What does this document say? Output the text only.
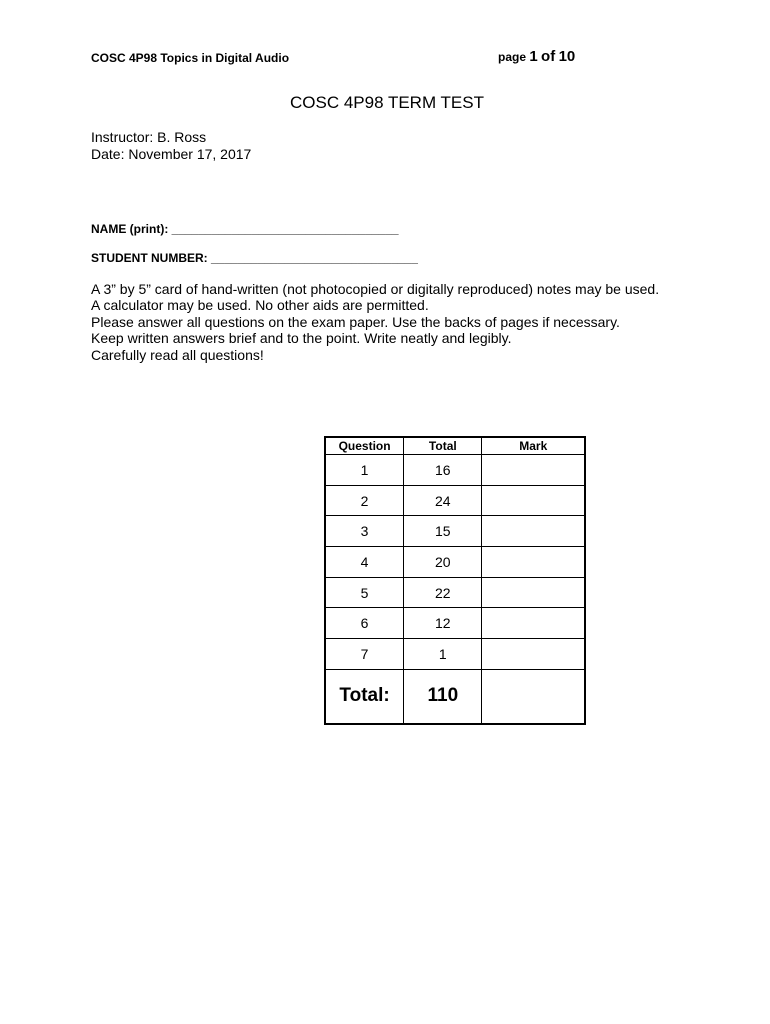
COSC 4P98 Topics in Digital Audio	page 1 of 10
COSC 4P98 TERM TEST
Instructor: B. Ross
Date: November 17, 2017
NAME (print): __________________________________
STUDENT NUMBER: _______________________________
A 3” by 5” card of hand-written (not photocopied or digitally reproduced) notes may be used.
A calculator may be used. No other aids are permitted.
Please answer all questions on the exam paper. Use the backs of pages if necessary.
Keep written answers brief and to the point. Write neatly and legibly.
Carefully read all questions!
Question	Total	Mark
1	16	
2	24	
3	15	
4	20	
5	22	
6	12	
7	1	
Total:	110	
